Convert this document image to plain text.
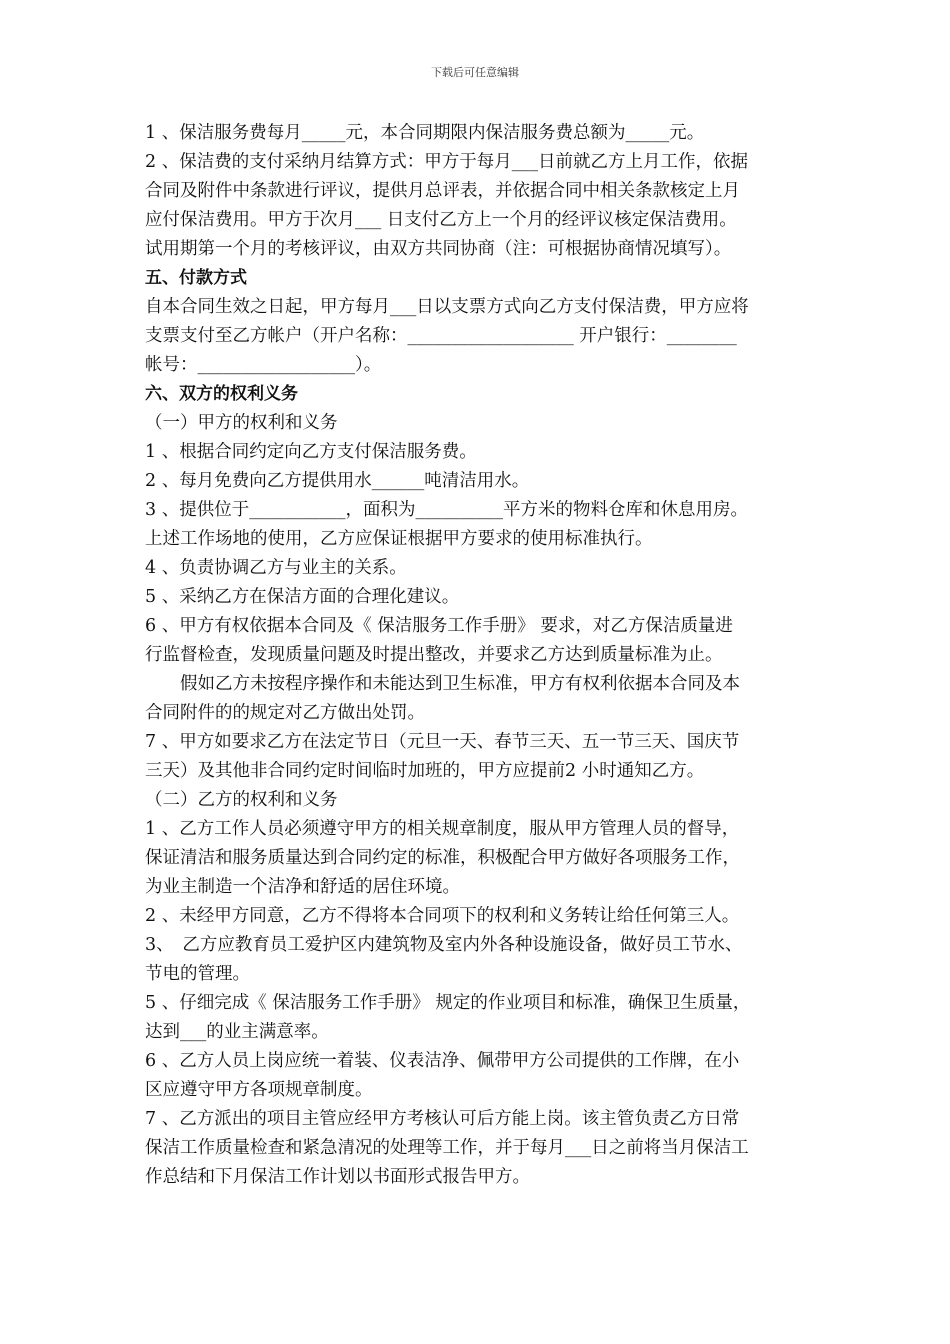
下载后可任意编辑
1 、保洁服务费每月_____元，本合同期限内保洁服务费总额为_____元。
2 、保洁费的支付采纳月结算方式：甲方于每月___日前就乙方上月工作，依据
合同及附件中条款进行评议，提供月总评表，并依据合同中相关条款核定上月
应付保洁费用。甲方于次月___ 日支付乙方上一个月的经评议核定保洁费用。
试用期第一个月的考核评议，由双方共同协商（注：可根据协商情况填写）。
五、付款方式
自本合同生效之日起，甲方每月___日以支票方式向乙方支付保洁费，甲方应将
支票支付至乙方帐户（开户名称：___________________ 开户银行：________
帐号：__________________）。
六、双方的权利义务
（一）甲方的权利和义务
1 、根据合同约定向乙方支付保洁服务费。
2 、每月免费向乙方提供用水______吨清洁用水。
3 、提供位于___________，面积为__________平方米的物料仓库和休息用房。
上述工作场地的使用，乙方应保证根据甲方要求的使用标准执行。
4 、负责协调乙方与业主的关系。
5 、采纳乙方在保洁方面的合理化建议。
6 、甲方有权依据本合同及《 保洁服务工作手册》 要求，对乙方保洁质量进
行监督检查，发现质量问题及时提出整改，并要求乙方达到质量标准为止。
假如乙方未按程序操作和未能达到卫生标准，甲方有权利依据本合同及本
合同附件的的规定对乙方做出处罚。
7 、甲方如要求乙方在法定节日（元旦一天、春节三天、五一节三天、国庆节
三天）及其他非合同约定时间临时加班的，甲方应提前2 小时通知乙方。
（二）乙方的权利和义务
1 、乙方工作人员必须遵守甲方的相关规章制度，服从甲方管理人员的督导，
保证清洁和服务质量达到合同约定的标准，积极配合甲方做好各项服务工作，
为业主制造一个洁净和舒适的居住环境。
2 、未经甲方同意，乙方不得将本合同项下的权利和义务转让给任何第三人。
3、　乙方应教育员工爱护区内建筑物及室内外各种设施设备，做好员工节水、
节电的管理。
5 、仔细完成《 保洁服务工作手册》 规定的作业项目和标准，确保卫生质量，
达到___的业主满意率。
6 、乙方人员上岗应统一着装、仪表洁净、佩带甲方公司提供的工作牌，在小
区应遵守甲方各项规章制度。
7 、乙方派出的项目主管应经甲方考核认可后方能上岗。该主管负责乙方日常
保洁工作质量检查和紧急清况的处理等工作，并于每月___日之前将当月保洁工
作总结和下月保洁工作计划以书面形式报告甲方。
